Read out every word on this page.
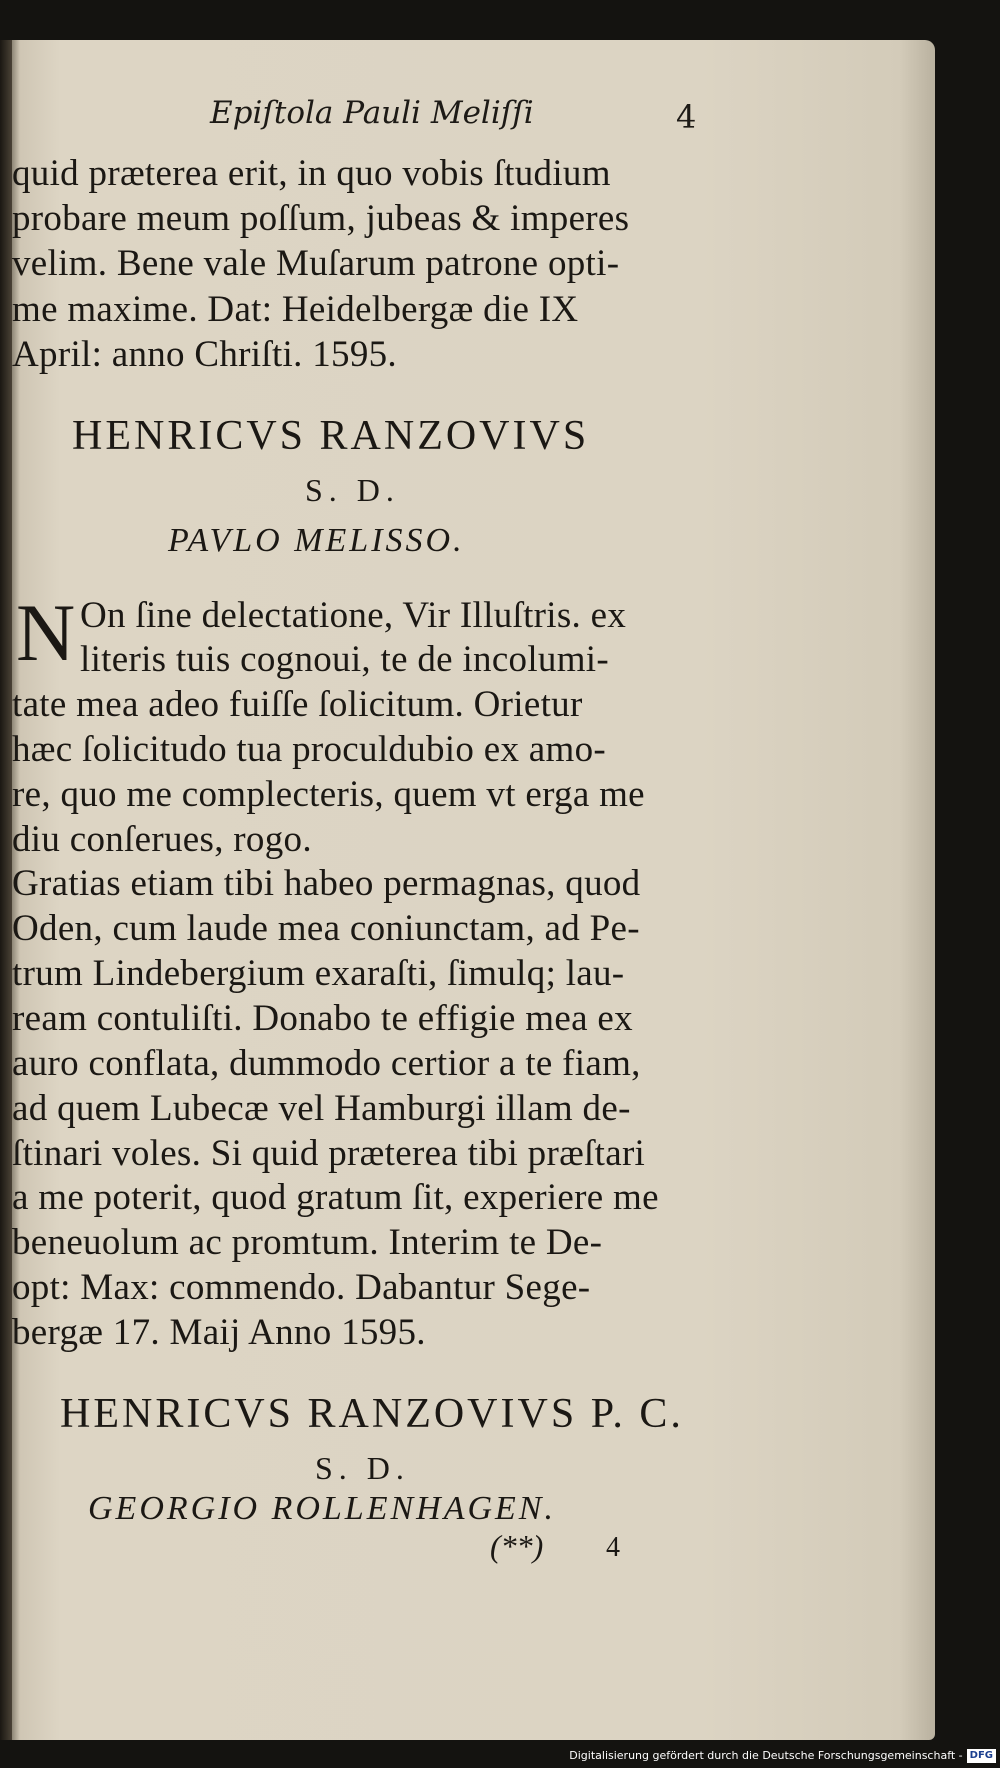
Epiſtola Pauli Meliſſi	4
quid præterea erit, in quo vobis ſtudium
probare meum poſſum, jubeas & imperes
velim. Bene vale Muſarum patrone opti-
me maxime. Dat: Heidelbergæ die IX
April: anno Chriſti. 1595.
HENRICVS RANZOVIVS
S. D.
PAVLO MELISSO.
N On ſine delectatione, Vir Illuſtris. ex
literis tuis cognoui, te de incolumi-
tate mea adeo fuiſſe ſolicitum. Orietur
hæc ſolicitudo tua proculdubio ex amo-
re, quo me complecteris, quem vt erga me
diu conſerues, rogo.
Gratias etiam tibi habeo permagnas, quod
Oden, cum laude mea coniunctam, ad Pe-
trum Lindebergium exaraſti, ſimulq; lau-
ream contuliſti. Donabo te effigie mea ex
auro conflata, dummodo certior a te fiam,
ad quem Lubecæ vel Hamburgi illam de-
ſtinari voles. Si quid præterea tibi præſtari
a me poterit, quod gratum ſit, experiere me
beneuolum ac promtum. Interim te De-
opt: Max: commendo. Dabantur Sege-
bergæ 17. Maij Anno 1595.
HENRICVS RANZOVIVS P. C.
S. D.
GEORGIO ROLLENHAGEN.
(**) 4
Digitalisierung gefördert durch die Deutsche Forschungsgemeinschaft - DFG
